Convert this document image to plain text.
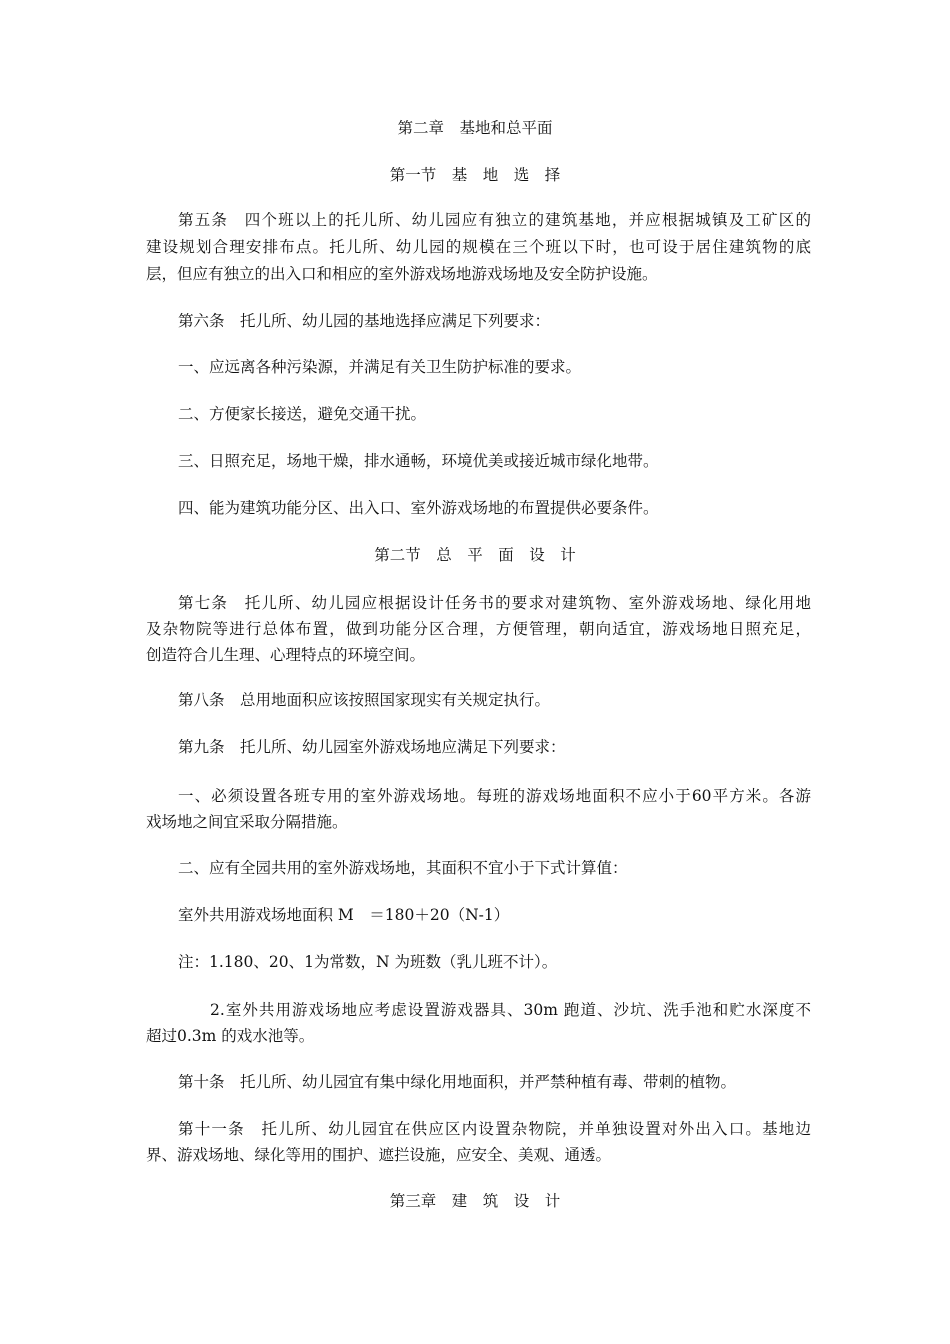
第二章　基地和总平面
第一节　基　地　选　择
第五条　四个班以上的托儿所、幼儿园应有独立的建筑基地，并应根据城镇及工矿区的
建设规划合理安排布点。托儿所、幼儿园的规模在三个班以下时，也可设于居住建筑物的底
层，但应有独立的出入口和相应的室外游戏场地游戏场地及安全防护设施。
第六条　托儿所、幼儿园的基地选择应满足下列要求：
一、应远离各种污染源，并满足有关卫生防护标准的要求。
二、方便家长接送，避免交通干扰。
三、日照充足，场地干燥，排水通畅，环境优美或接近城市绿化地带。
四、能为建筑功能分区、出入口、室外游戏场地的布置提供必要条件。
第二节　总　平　面　设　计
第七条　托儿所、幼儿园应根据设计任务书的要求对建筑物、室外游戏场地、绿化用地
及杂物院等进行总体布置，做到功能分区合理，方便管理，朝向适宜，游戏场地日照充足，
创造符合儿生理、心理特点的环境空间。
第八条　总用地面积应该按照国家现实有关规定执行。
第九条　托儿所、幼儿园室外游戏场地应满足下列要求：
一、必须设置各班专用的室外游戏场地。每班的游戏场地面积不应小于60平方米。各游
戏场地之间宜采取分隔措施。
二、应有全园共用的室外游戏场地，其面积不宜小于下式计算值：
室外共用游戏场地面积 M　＝180＋20（N-1）
注：1.180、20、1为常数，N 为班数（乳儿班不计）。
2.室外共用游戏场地应考虑设置游戏器具、30m 跑道、沙坑、洗手池和贮水深度不
超过0.3m 的戏水池等。
第十条　托儿所、幼儿园宜有集中绿化用地面积，并严禁种植有毒、带刺的植物。
第十一条　托儿所、幼儿园宜在供应区内设置杂物院，并单独设置对外出入口。基地边
界、游戏场地、绿化等用的围护、遮拦设施，应安全、美观、通透。
第三章　建　筑　设　计
